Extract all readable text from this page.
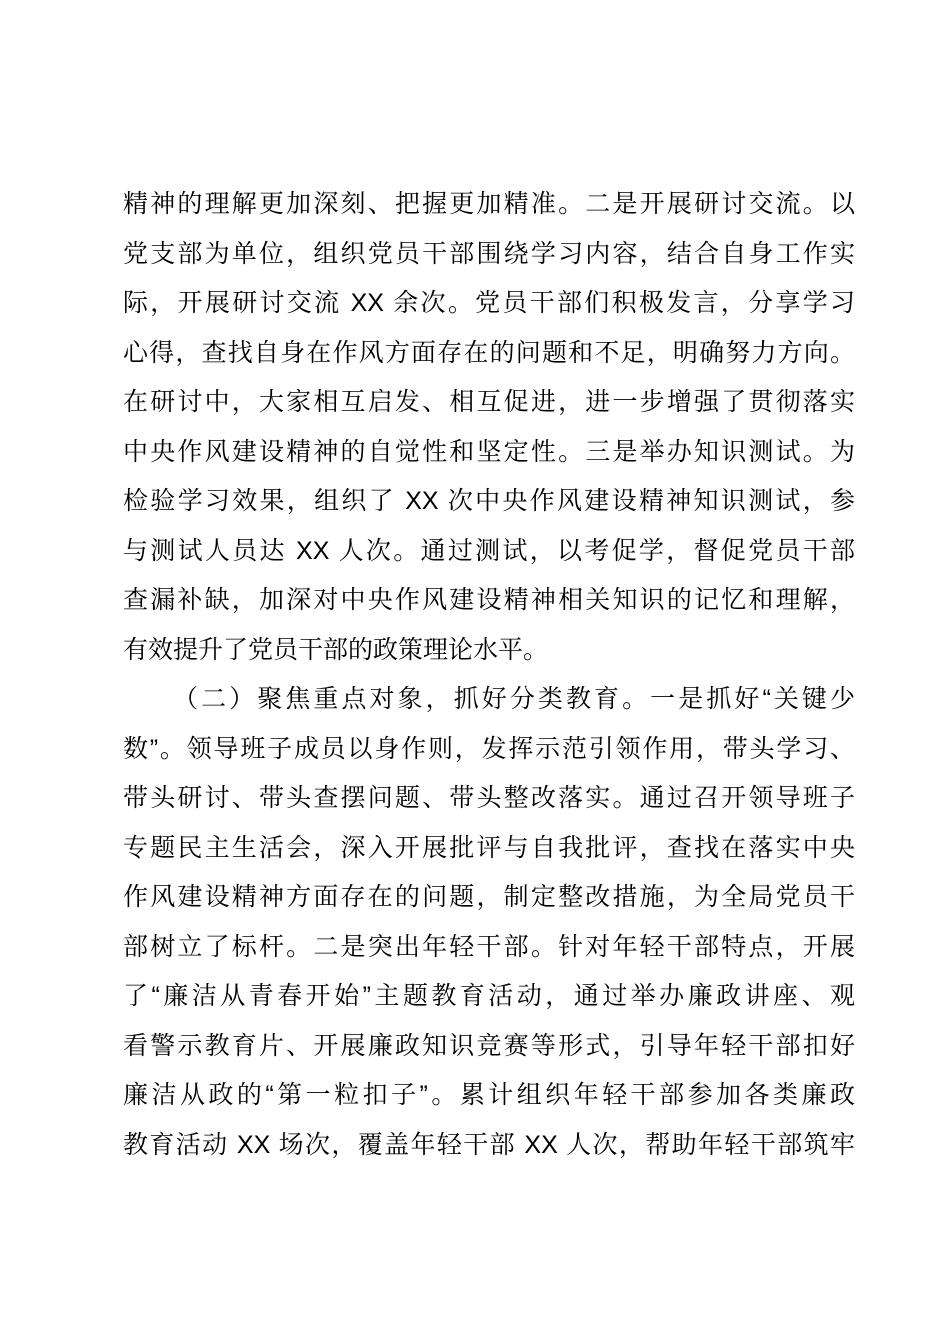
精神的理解更加深刻、把握更加精准。二是开展研讨交流。以
党支部为单位，组织党员干部围绕学习内容，结合自身工作实
际，开展研讨交流 XX 余次。党员干部们积极发言，分享学习
心得，查找自身在作风方面存在的问题和不足，明确努力方向。
在研讨中，大家相互启发、相互促进，进一步增强了贯彻落实
中央作风建设精神的自觉性和坚定性。三是举办知识测试。为
检验学习效果，组织了 XX 次中央作风建设精神知识测试，参
与测试人员达 XX 人次。通过测试，以考促学，督促党员干部
查漏补缺，加深对中央作风建设精神相关知识的记忆和理解，
有效提升了党员干部的政策理论水平。
（二）聚焦重点对象，抓好分类教育。一是抓好“关键少
数”。领导班子成员以身作则，发挥示范引领作用，带头学习、
带头研讨、带头查摆问题、带头整改落实。通过召开领导班子
专题民主生活会，深入开展批评与自我批评，查找在落实中央
作风建设精神方面存在的问题，制定整改措施，为全局党员干
部树立了标杆。二是突出年轻干部。针对年轻干部特点，开展
了“廉洁从青春开始”主题教育活动，通过举办廉政讲座、观
看警示教育片、开展廉政知识竞赛等形式，引导年轻干部扣好
廉洁从政的“第一粒扣子”。累计组织年轻干部参加各类廉政
教育活动 XX 场次，覆盖年轻干部 XX 人次，帮助年轻干部筑牢
